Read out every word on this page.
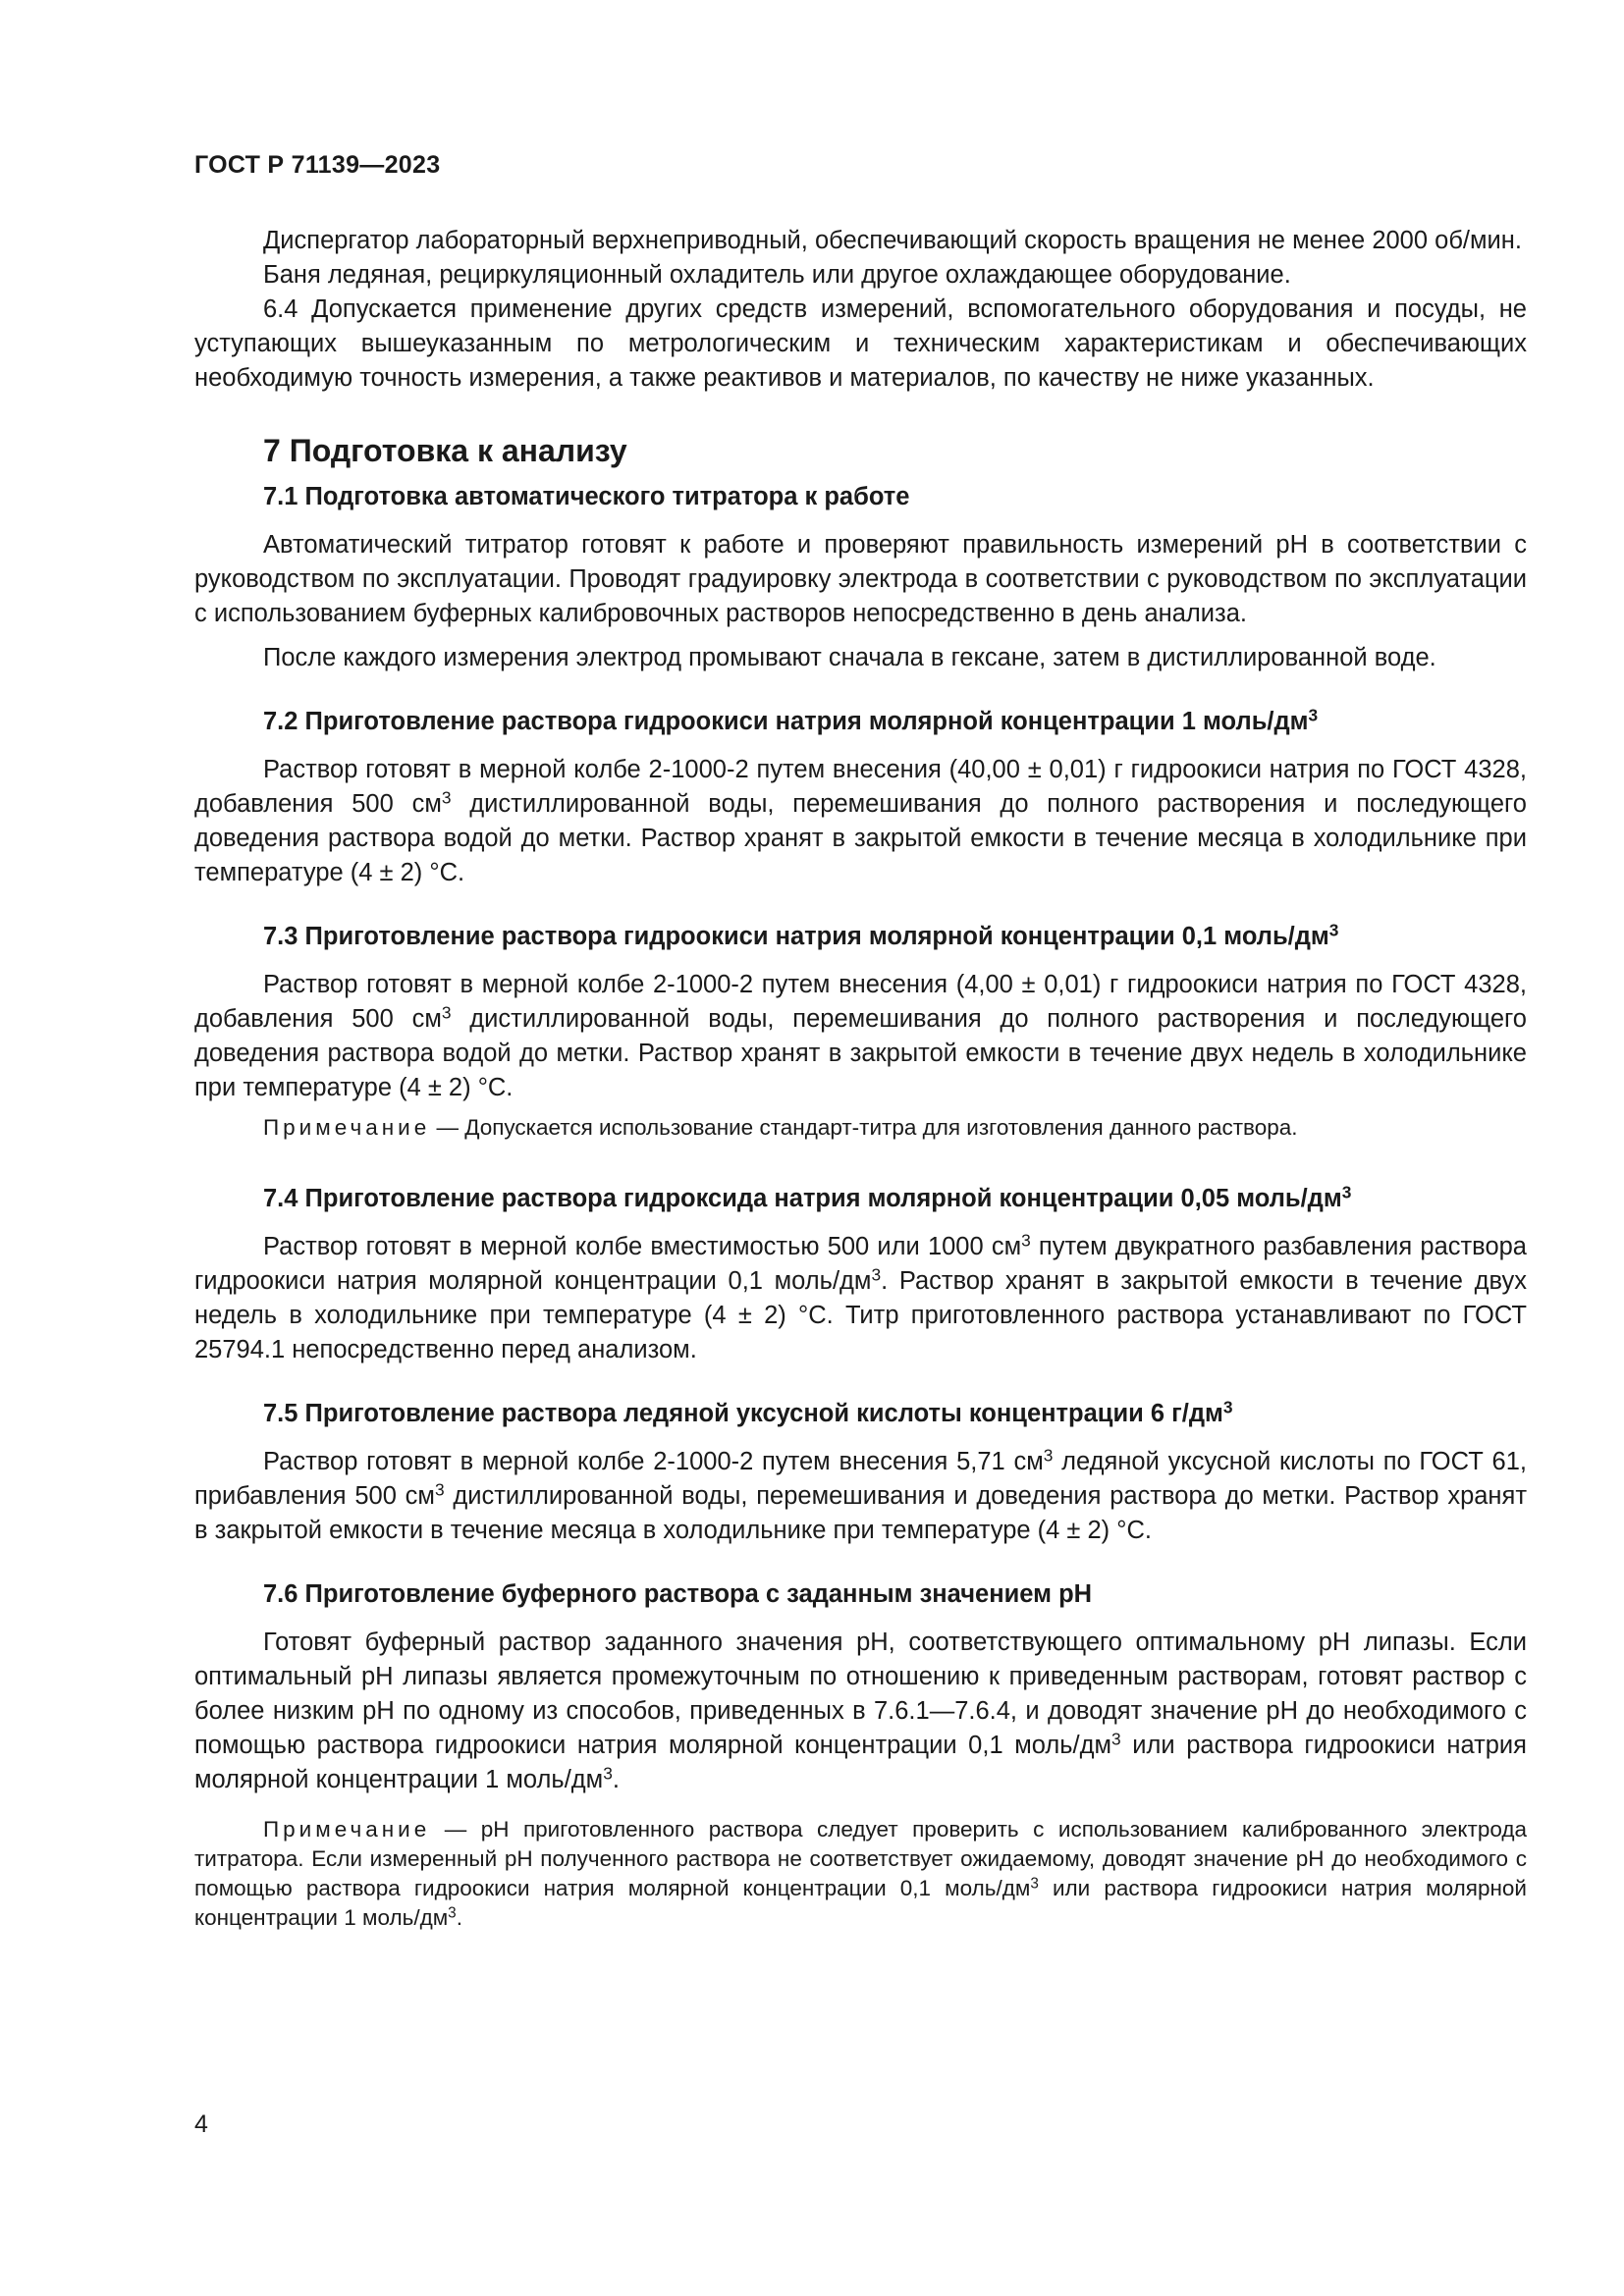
ГОСТ Р 71139—2023

Диспергатор лабораторный верхнеприводный, обеспечивающий скорость вращения не менее 2000 об/мин.

Баня ледяная, рециркуляционный охладитель или другое охлаждающее оборудование.

6.4 Допускается применение других средств измерений, вспомогательного оборудования и посуды, не уступающих вышеуказанным по метрологическим и техническим характеристикам и обеспечивающих необходимую точность измерения, а также реактивов и материалов, по качеству не ниже указанных.

7 Подготовка к анализу
7.1 Подготовка автоматического титратора к работе

Автоматический титратор готовят к работе и проверяют правильность измерений рН в соответствии с руководством по эксплуатации. Проводят градуировку электрода в соответствии с руководством по эксплуатации с использованием буферных калибровочных растворов непосредственно в день анализа.

После каждого измерения электрод промывают сначала в гексане, затем в дистиллированной воде.

7.2 Приготовление раствора гидроокиси натрия молярной концентрации 1 моль/$дм^3$

Раствор готовят в мерной колбе 2-1000-2 путем внесения (40,00 ± 0,01) г гидроокиси натрия по ГОСТ 4328, добавления 500 $см^3$ дистиллированной воды, перемешивания до полного растворения и последующего доведения раствора водой до метки. Раствор хранят в закрытой емкости в течение месяца в холодильнике при температуре (4 ± 2) °С.

7.3 Приготовление раствора гидроокиси натрия молярной концентрации 0,1 моль/$дм^3$

Раствор готовят в мерной колбе 2-1000-2 путем внесения (4,00 ± 0,01) г гидроокиси натрия по ГОСТ 4328, добавления 500 $см^3$ дистиллированной воды, перемешивания до полного растворения и последующего доведения раствора водой до метки. Раствор хранят в закрытой емкости в течение двух недель в холодильнике при температуре (4 ± 2) °С.

Примечание — Допускается использование стандарт-титра для изготовления данного раствора.
7.4 Приготовление раствора гидроксида натрия молярной концентрации 0,05 моль/$дм^3$

Раствор готовят в мерной колбе вместимостью 500 или 1000 $см^3$ путем двукратного разбавления раствора гидроокиси натрия молярной концентрации 0,1 моль/$дм^3$. Раствор хранят в закрытой емкости в течение двух недель в холодильнике при температуре (4 ± 2) °С. Титр приготовленного раствора устанавливают по ГОСТ 25794.1 непосредственно перед анализом.

7.5 Приготовление раствора ледяной уксусной кислоты концентрации 6 $г/дм^3$

Раствор готовят в мерной колбе 2-1000-2 путем внесения 5,71 $см^3$ ледяной уксусной кислоты по ГОСТ 61, прибавления 500 $см^3$ дистиллированной воды, перемешивания и доведения раствора до метки. Раствор хранят в закрытой емкости в течение месяца в холодильнике при температуре (4 ± 2) °С.

7.6 Приготовление буферного раствора с заданным значением рН

Готовят буферный раствор заданного значения рН, соответствующего оптимальному рН липазы. Если оптимальный рН липазы является промежуточным по отношению к приведенным растворам, готовят раствор с более низким рН по одному из способов, приведенных в 7.6.1—7.6.4, и доводят значение рН до необходимого с помощью раствора гидроокиси натрия молярной концентрации 0,1 моль/$дм^3$ или раствора гидроокиси натрия молярной концентрации 1 моль/$дм^3$.

Примечание — рН приготовленного раствора следует проверить с использованием калиброванного электрода титратора. Если измеренный рН полученного раствора не соответствует ожидаемому, доводят значение рН до необходимого с помощью раствора гидроокиси натрия молярной концентрации 0,1 моль/$дм^3$ или раствора гидроокиси натрия молярной концентрации 1 моль/$дм^3$.
4
